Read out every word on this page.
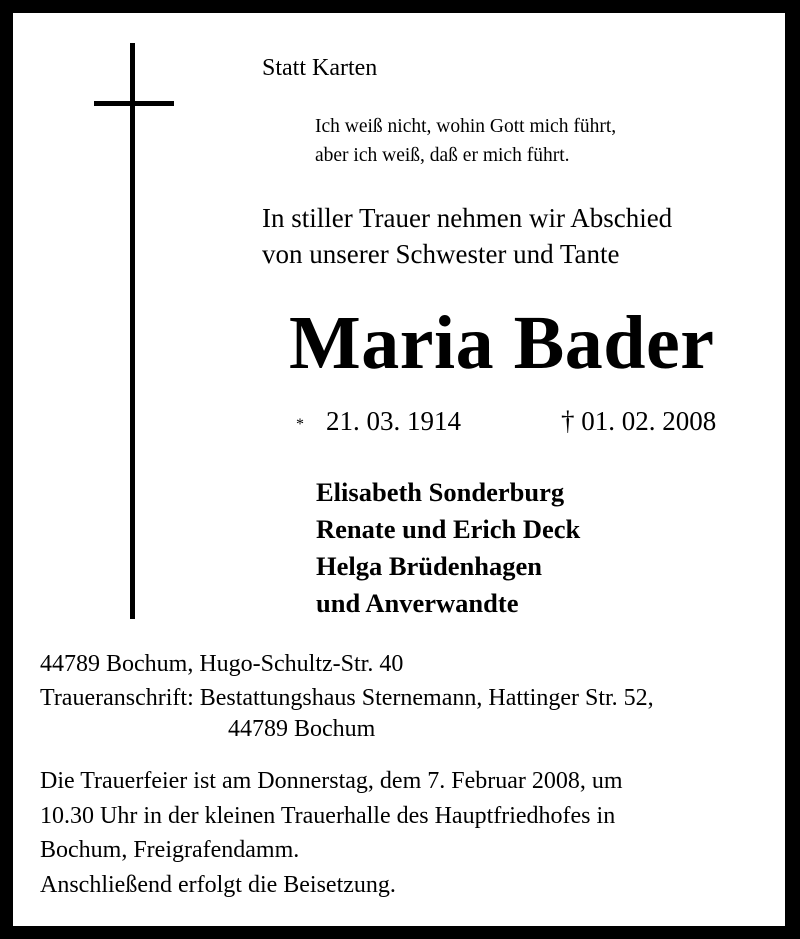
Statt Karten
Ich weiß nicht, wohin Gott mich führt,
aber ich weiß, daß er mich führt.
In stiller Trauer nehmen wir Abschied
von unserer Schwester und Tante
Maria Bader
* 21. 03. 1914	† 01. 02. 2008
Elisabeth Sonderburg
Renate und Erich Deck
Helga Brüdenhagen
und Anverwandte
44789 Bochum, Hugo-Schultz-Str. 40
Traueranschrift: Bestattungshaus Sternemann, Hattinger Str. 52,
44789 Bochum
Die Trauerfeier ist am Donnerstag, dem 7. Februar 2008, um
10.30 Uhr in der kleinen Trauerhalle des Hauptfriedhofes in
Bochum, Freigrafendamm.
Anschließend erfolgt die Beisetzung.
